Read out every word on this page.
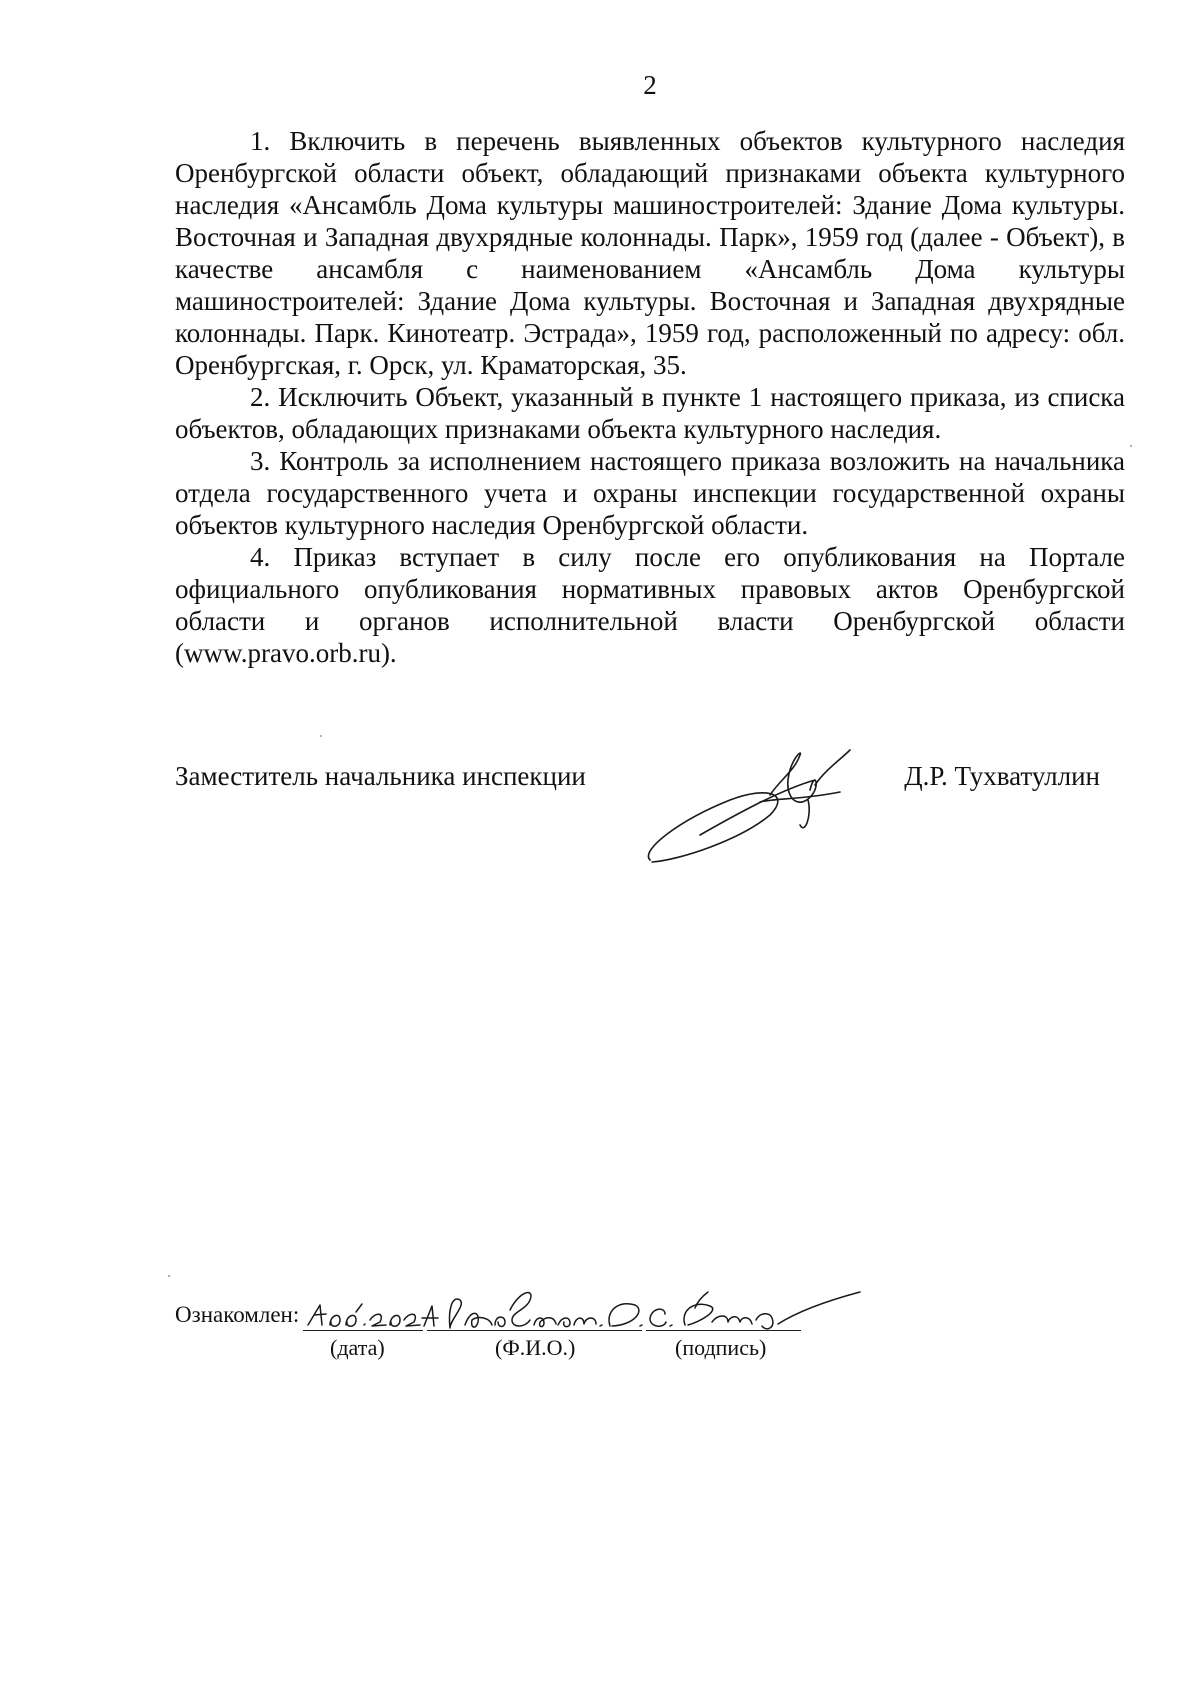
2

1. Включить в перечень выявленных объектов культурного наследия Оренбургской области объект, обладающий признаками объекта культурного наследия «Ансамбль Дома культуры машиностроителей: Здание Дома культуры. Восточная и Западная двухрядные колоннады. Парк», 1959 год (далее - Объект), в качестве ансамбля с наименованием «Ансамбль Дома культуры машиностроителей: Здание Дома культуры. Восточная и Западная двухрядные колоннады. Парк. Кинотеатр. Эстрада», 1959 год, расположенный по адресу: обл. Оренбургская, г. Орск, ул. Краматорская, 35.

2. Исключить Объект, указанный в пункте 1 настоящего приказа, из списка объектов, обладающих признаками объекта культурного наследия.

3. Контроль за исполнением настоящего приказа возложить на начальника отдела государственного учета и охраны инспекции государственной охраны объектов культурного наследия Оренбургской области.

4. Приказ вступает в силу после его опубликования на Портале официального опубликования нормативных правовых актов Оренбургской области и органов исполнительной власти Оренбургской области (www.pravo.orb.ru).

Заместитель начальника инспекции	Д.Р. Тухватуллин
Ознакомлен:
(дата)	(Ф.И.О.)	(подпись)
